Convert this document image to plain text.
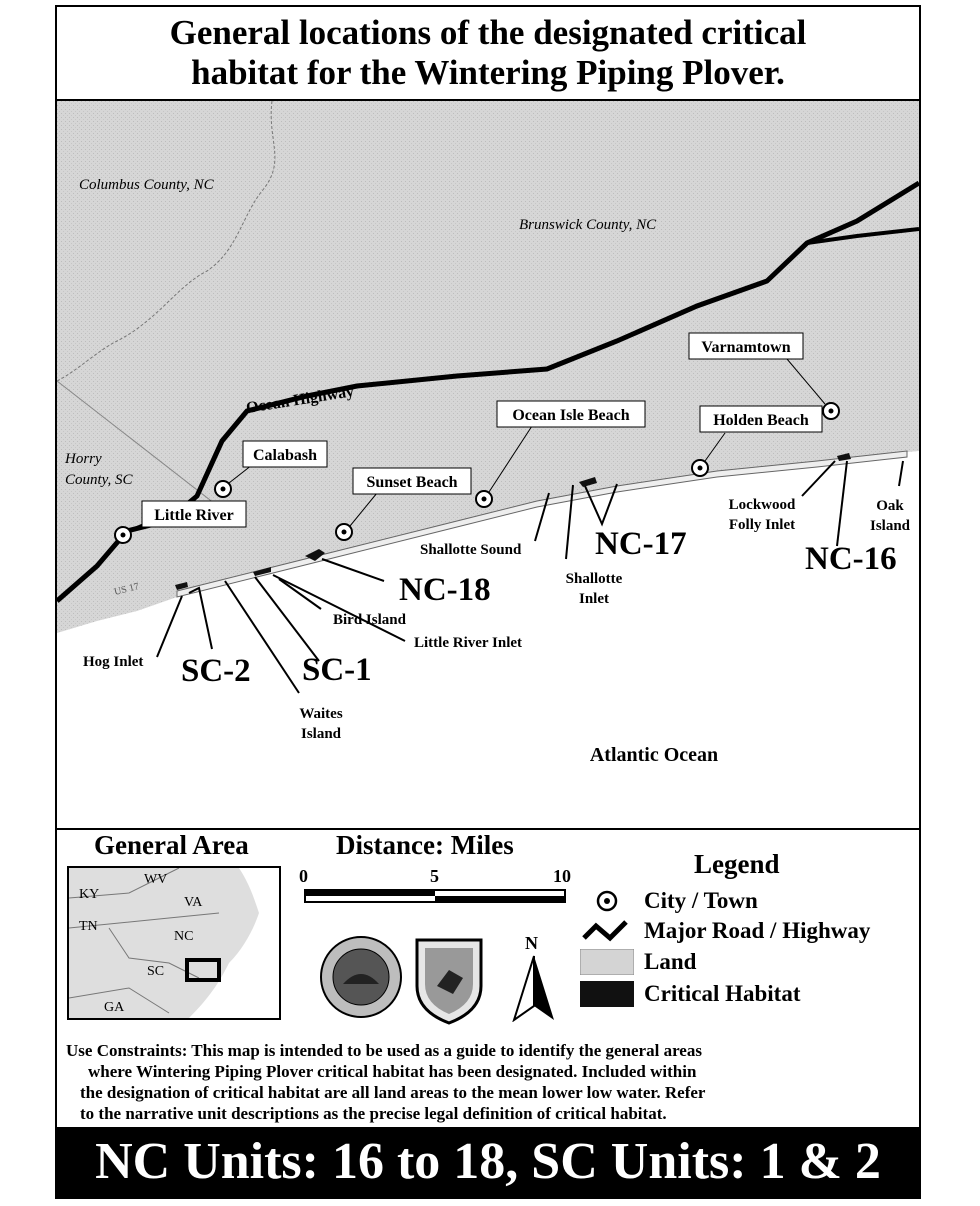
General locations of the designated critical
habitat for the Wintering Piping Plover.
Columbus County, NC
Brunswick County, NC
Horry
County, SC
Ocean Highway
US 17
Little River
Calabash
Sunset Beach
Ocean Isle Beach	Holden Beach
Varnamtown
Shallotte Sound
Shallotte
Inlet
Lockwood
Folly Inlet
Oak
Island
Bird Island
Little River Inlet
Hog Inlet
Waites
Island
Atlantic Ocean
NC-16
NC-17
NC-18
SC-1
SC-2
General Area
KY
WV
VA
TN
NC
SC
GA
Distance: Miles
0	5	10
N
Legend
City / Town
Major Road / Highway
Land
Critical Habitat
Use Constraints: This map is intended to be used as a guide to identify the general areas
where Wintering Piping Plover critical habitat has been designated. Included within
the designation of critical habitat are all land areas to the mean lower low water. Refer
to the narrative unit descriptions as the precise legal definition of critical habitat.
NC Units: 16 to 18, SC Units: 1 & 2
